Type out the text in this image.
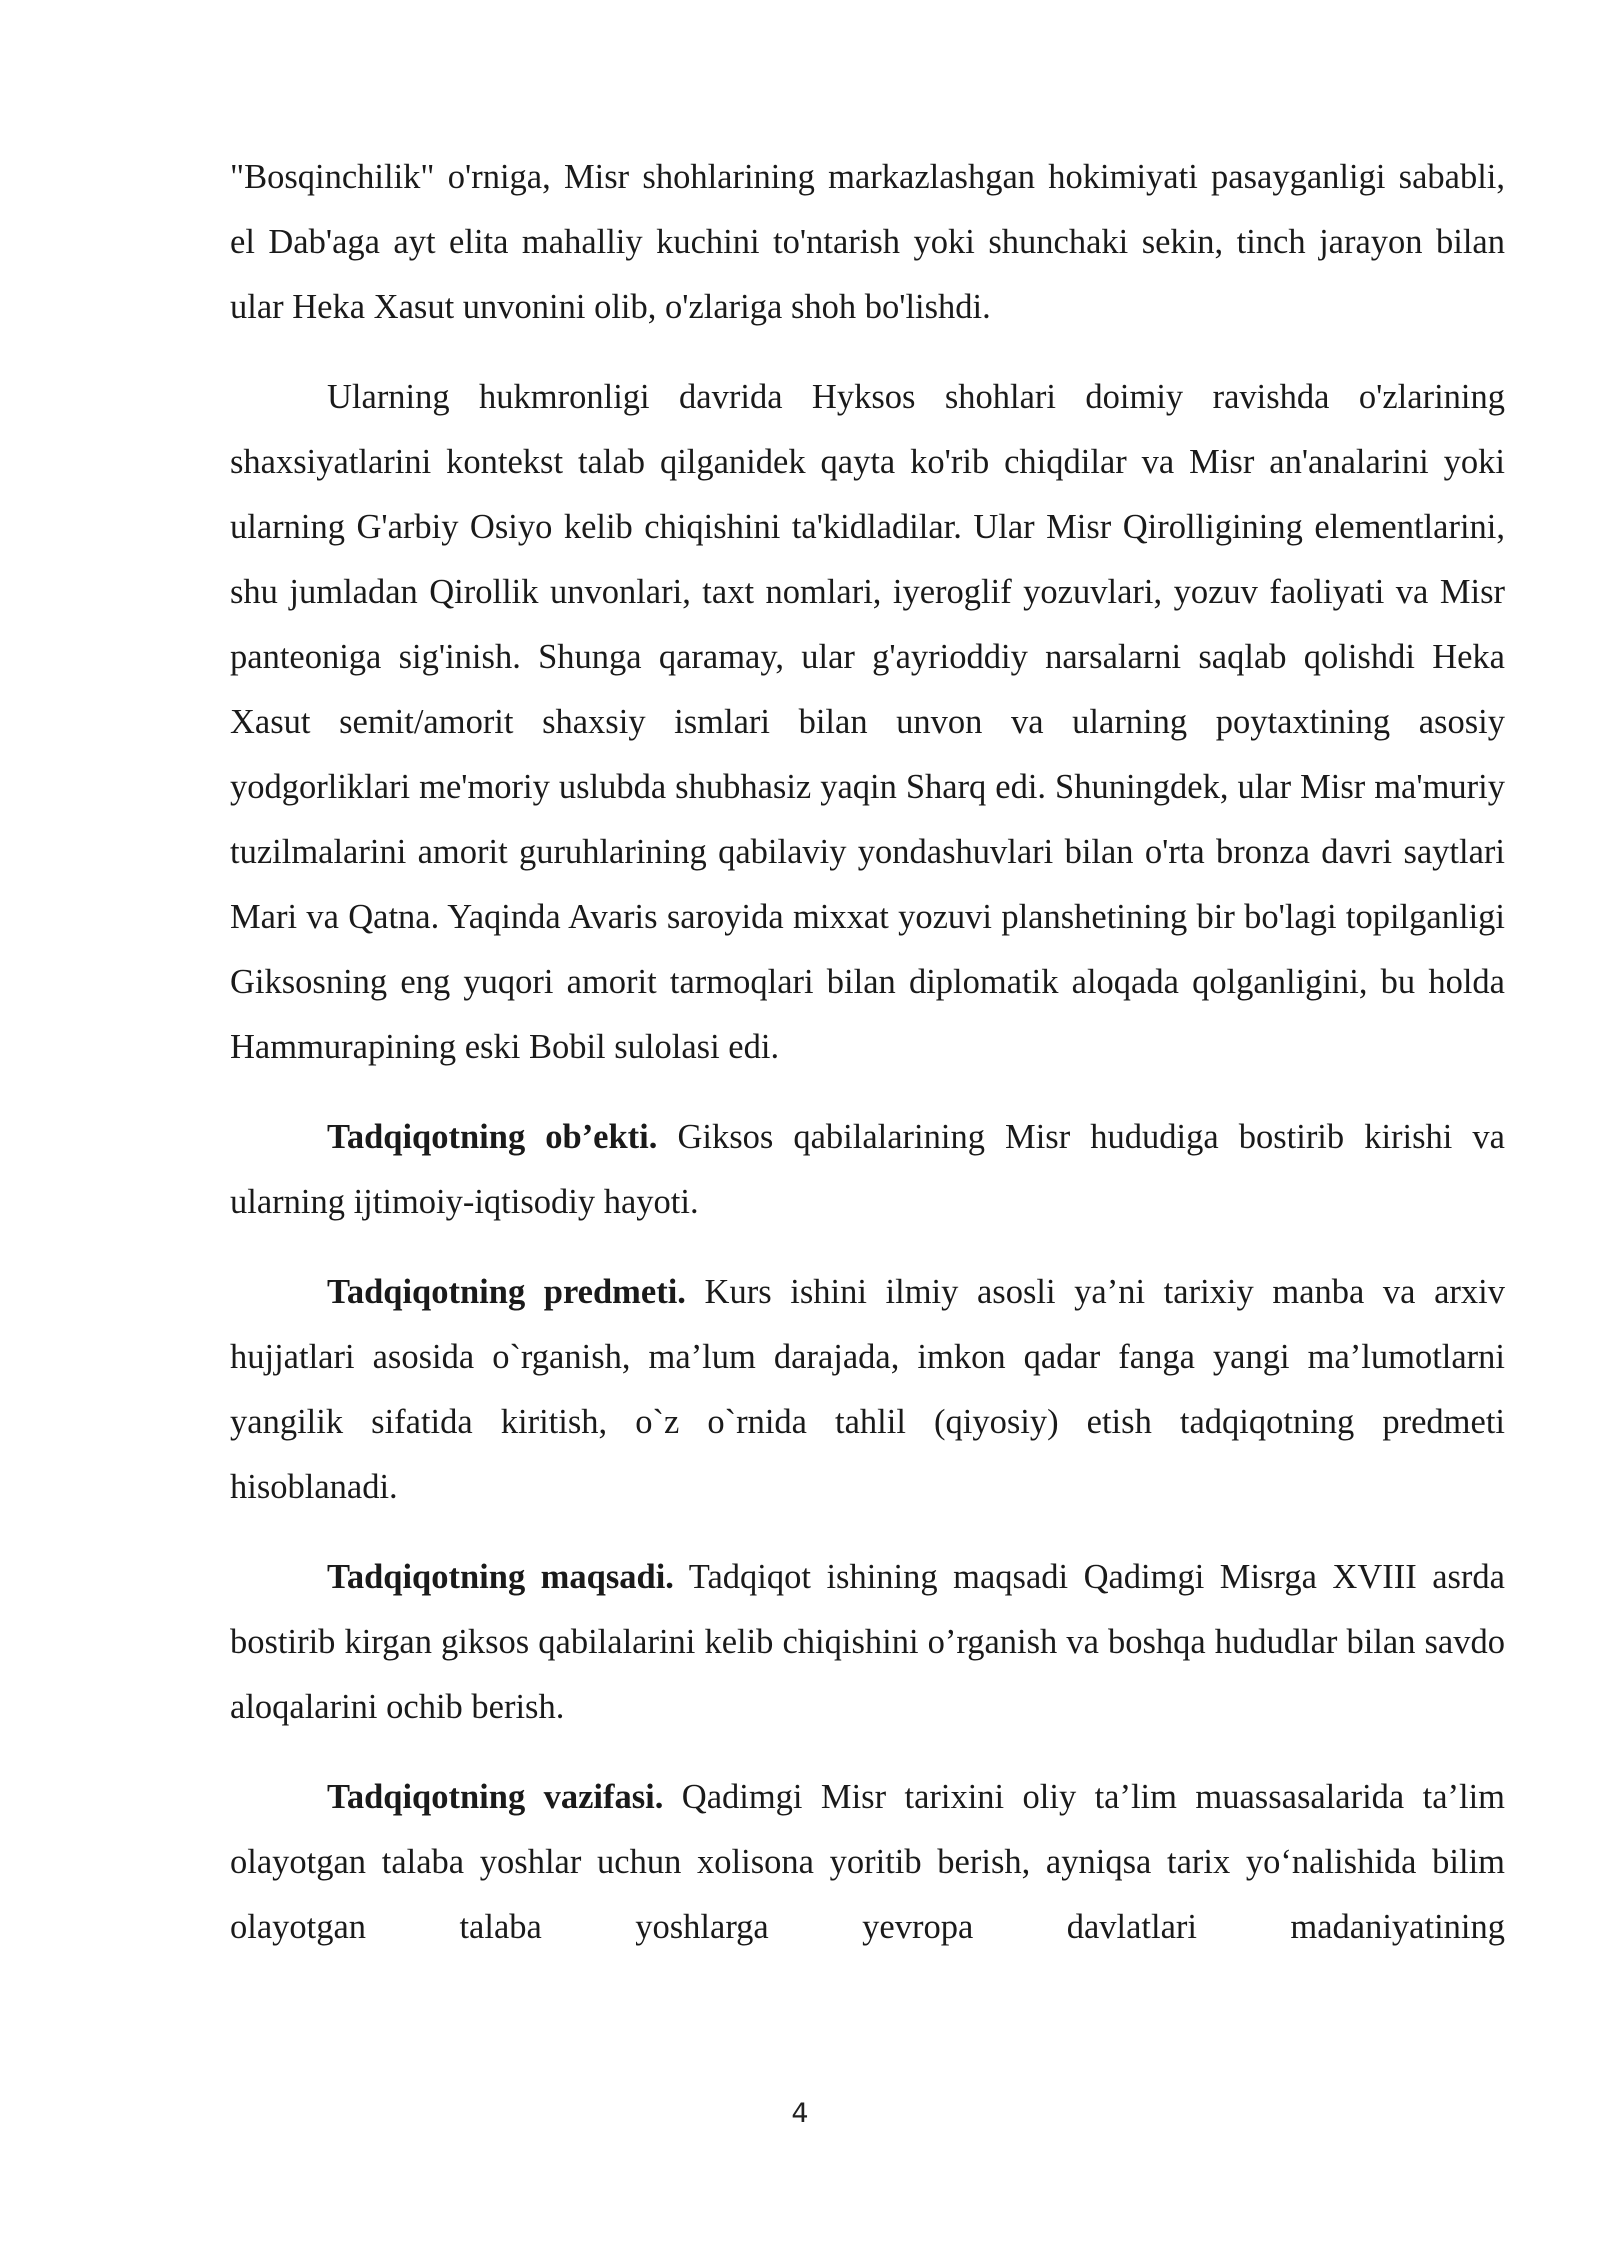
"Bosqinchilik" o'rniga, Misr shohlarining markazlashgan hokimiyati pasayganligi sababli, el Dab'aga ayt elita mahalliy kuchini to'ntarish yoki shunchaki sekin, tinch jarayon bilan ular Heka Xasut unvonini olib, o'zlariga shoh bo'lishdi.

Ularning hukmronligi davrida Hyksos shohlari doimiy ravishda o'zlarining shaxsiyatlarini kontekst talab qilganidek qayta ko'rib chiqdilar va Misr an'analarini yoki ularning G'arbiy Osiyo kelib chiqishini ta'kidladilar. Ular Misr Qirolligining elementlarini, shu jumladan Qirollik unvonlari, taxt nomlari, iyeroglif yozuvlari, yozuv faoliyati va Misr panteoniga sig'inish. Shunga qaramay, ular g'ayrioddiy narsalarni saqlab qolishdi Heka Xasut semit/amorit shaxsiy ismlari bilan unvon va ularning poytaxtining asosiy yodgorliklari me'moriy uslubda shubhasiz yaqin Sharq edi. Shuningdek, ular Misr ma'muriy tuzilmalarini amorit guruhlarining qabilaviy yondashuvlari bilan o'rta bronza davri saytlari Mari va Qatna. Yaqinda Avaris saroyida mixxat yozuvi planshetining bir bo'lagi topilganligi Giksosning eng yuqori amorit tarmoqlari bilan diplomatik aloqada qolganligini, bu holda Hammurapining eski Bobil sulolasi edi.

Tadqiqotning ob’ekti. Giksos qabilalarining Misr hududiga bostirib kirishi va ularning ijtimoiy-iqtisodiy hayoti.

Tadqiqotning predmeti. Kurs ishini ilmiy asosli ya’ni tarixiy manba va arxiv hujjatlari asosida o`rganish, ma’lum darajada, imkon qadar fanga yangi ma’lumotlarni yangilik sifatida kiritish, o`z o`rnida tahlil (qiyosiy) etish tadqiqotning predmeti hisoblanadi.

Tadqiqotning maqsadi. Tadqiqot ishining maqsadi Qadimgi Misrga XVIII asrda bostirib kirgan giksos qabilalarini kelib chiqishini o’rganish va boshqa hududlar bilan savdo aloqalarini ochib berish.

Tadqiqotning vazifasi. Qadimgi Misr tarixini oliy ta’lim muassasalarida ta’lim olayotgan talaba yoshlar uchun xolisona yoritib berish, ayniqsa tarix yo‘nalishida bilim olayotgan talaba yoshlarga yevropa davlatlari madaniyatining

4
